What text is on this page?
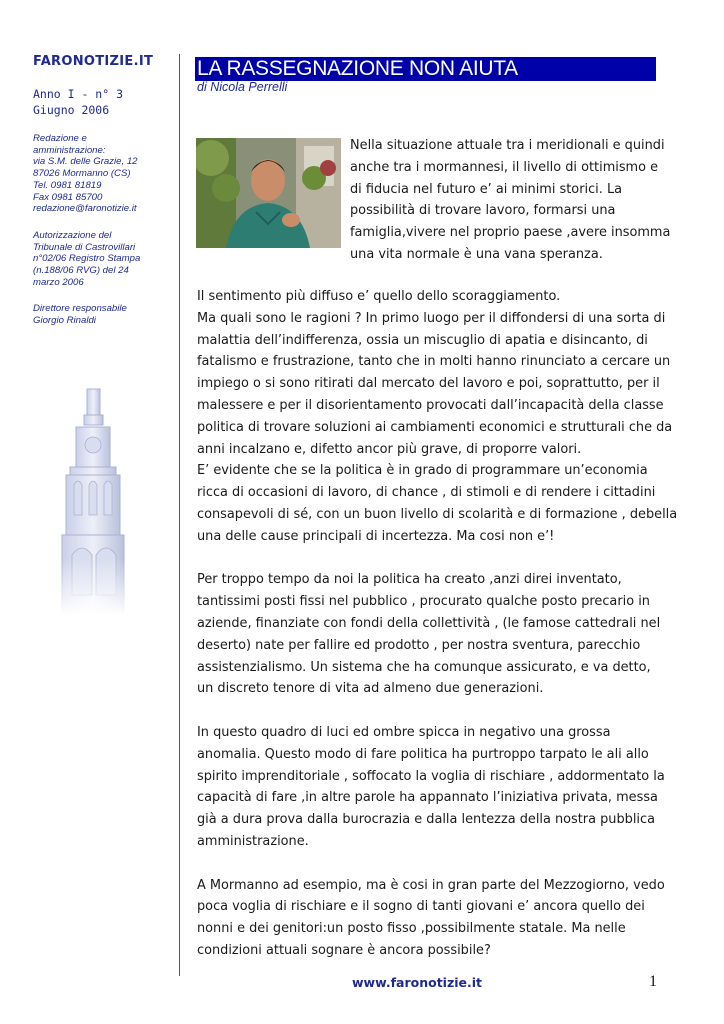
FARONOTIZIE.IT
Anno I - n° 3
Giugno 2006
Redazione e
amministrazione:
via S.M. delle Grazie, 12
87026 Mormanno (CS)
Tel. 0981 81819
Fax 0981 85700
redazione@faronotizie.it
Autorizzazione del
Tribunale di Castrovillari
n°02/06 Registro Stampa
(n.188/06 RVG) del 24
marzo 2006
Direttore responsabile
Giorgio Rinaldi
LA RASSEGNAZIONE NON AIUTA
di Nicola Perrelli
Nella situazione attuale tra i meridionali e quindi
anche tra i mormannesi, il livello di ottimismo e
di fiducia nel futuro e’ ai minimi storici. La
possibilità di trovare lavoro, formarsi una
famiglia,vivere nel proprio paese ,avere insomma
una vita normale è una vana speranza.
Il sentimento più diffuso e’ quello dello scoraggiamento.
Ma quali sono le ragioni ? In primo luogo per il diffondersi di una sorta di
malattia dell’indifferenza, ossia un miscuglio di apatia e disincanto, di
fatalismo e frustrazione, tanto che in molti hanno rinunciato a cercare un
impiego o si sono ritirati dal mercato del lavoro e poi, soprattutto, per il
malessere e per il disorientamento provocati dall’incapacità della classe
politica di trovare soluzioni ai cambiamenti economici e strutturali che da
anni incalzano e, difetto ancor più grave, di proporre valori.
E’ evidente che se la politica è in grado di programmare un’economia
ricca di occasioni di lavoro, di chance , di stimoli e di rendere i cittadini
consapevoli di sé, con un buon livello di scolarità e di formazione , debella
una delle cause principali di incertezza. Ma cosi non e’!
Per troppo tempo da noi la politica ha creato ,anzi direi inventato,
tantissimi posti fissi nel pubblico , procurato qualche posto precario in
aziende, finanziate con fondi della collettività , (le famose cattedrali nel
deserto) nate per fallire ed prodotto , per nostra sventura, parecchio
assistenzialismo. Un sistema che ha comunque assicurato, e va detto,
un discreto tenore di vita ad almeno due generazioni.
In questo quadro di luci ed ombre spicca in negativo una grossa
anomalia. Questo modo di fare politica ha purtroppo tarpato le ali allo
spirito imprenditoriale , soffocato la voglia di rischiare , addormentato la
capacità di fare ,in altre parole ha appannato l’iniziativa privata, messa
già a dura prova dalla burocrazia e dalla lentezza della nostra pubblica
amministrazione.
A Mormanno ad esempio, ma è cosi in gran parte del Mezzogiorno, vedo
poca voglia di rischiare e il sogno di tanti giovani e’ ancora quello dei
nonni e dei genitori:un posto fisso ,possibilmente statale. Ma nelle
condizioni attuali sognare è ancora possibile?
www.faronotizie.it	1
